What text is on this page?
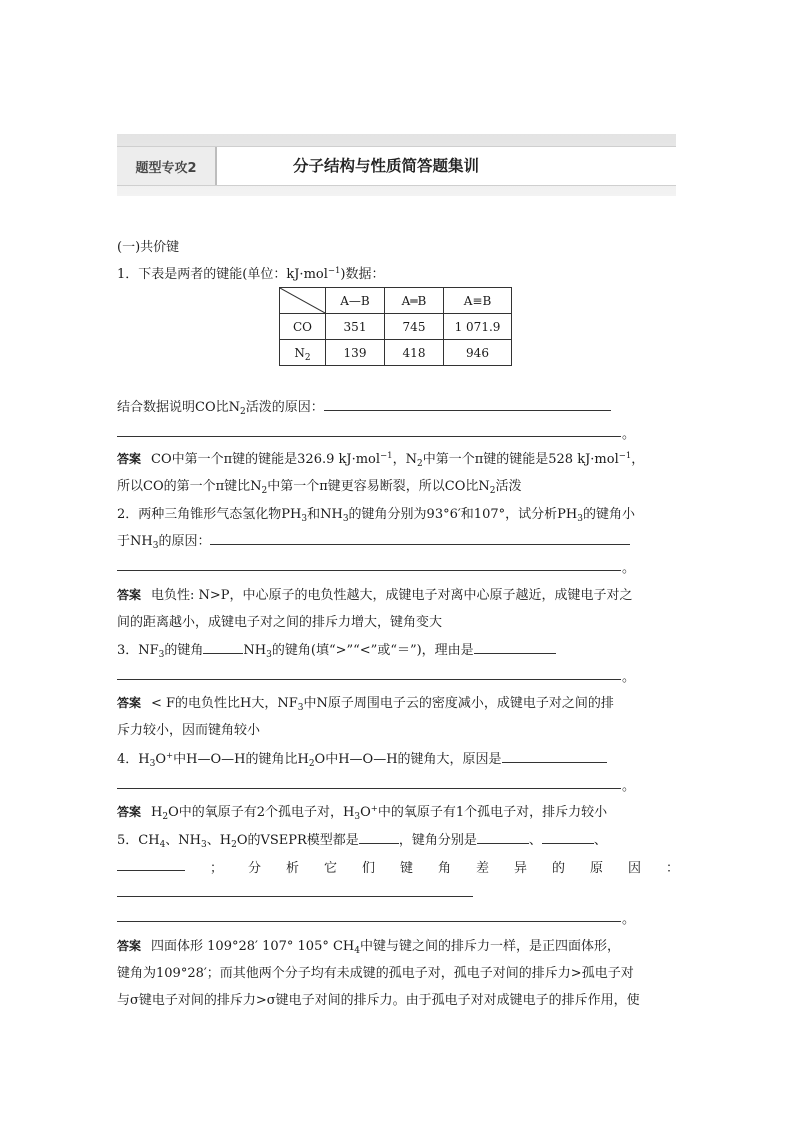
题型专攻2	分子结构与性质简答题集训
(一)共价键
1．下表是两者的键能(单位：kJ·mol$^{-1}$)数据：
	A—B	A═B	A≡B
CO	351	745	1 071.9
$N_2$	139	418	946
结合数据说明CO比$N_2$活泼的原因：
。
答案 CO中第一个π键的键能是326.9 kJ·mol$^{-1}$，$N_2$中第一个π键的键能是528 kJ·mol$^{-1}$，
所以CO的第一个π键比$N_2$中第一个π键更容易断裂，所以CO比$N_2$活泼
2．两种三角锥形气态氢化物$PH_3$和$NH_3$的键角分别为93°6′和107°，试分析$PH_3$的键角小
于$NH_3$的原因：
。
答案 电负性: N>P，中心原子的电负性越大，成键电子对离中心原子越近，成键电子对之
间的距离越小，成键电子对之间的排斥力增大，键角变大
3．$NF_3$的键角	$NH_3$的键角(填“>”“<”或“＝”)，理由是
。
答案 < F的电负性比H大，$NF_3$中N原子周围电子云的密度减小，成键电子对之间的排
斥力较小，因而键角较小
4．$H_3O^+$中H—O—H的键角比$H_2O$中H—O—H的键角大，原因是
。
答案 $H_2O$中的氧原子有2个孤电子对，$H_3O^+$中的氧原子有1个孤电子对，排斥力较小
5．$CH_4$、$NH_3$、$H_2O$的VSEPR模型都是	，键角分别是	、	、
； 分 析 它 们 键 角 差 异 的 原 因 ：
。
答案 四面体形 109°28′ 107° 105° $CH_4$中键与键之间的排斥力一样，是正四面体形，
键角为109°28′；而其他两个分子均有未成键的孤电子对，孤电子对间的排斥力>孤电子对
与σ键电子对间的排斥力>σ键电子对间的排斥力。由于孤电子对对成键电子的排斥作用，使
